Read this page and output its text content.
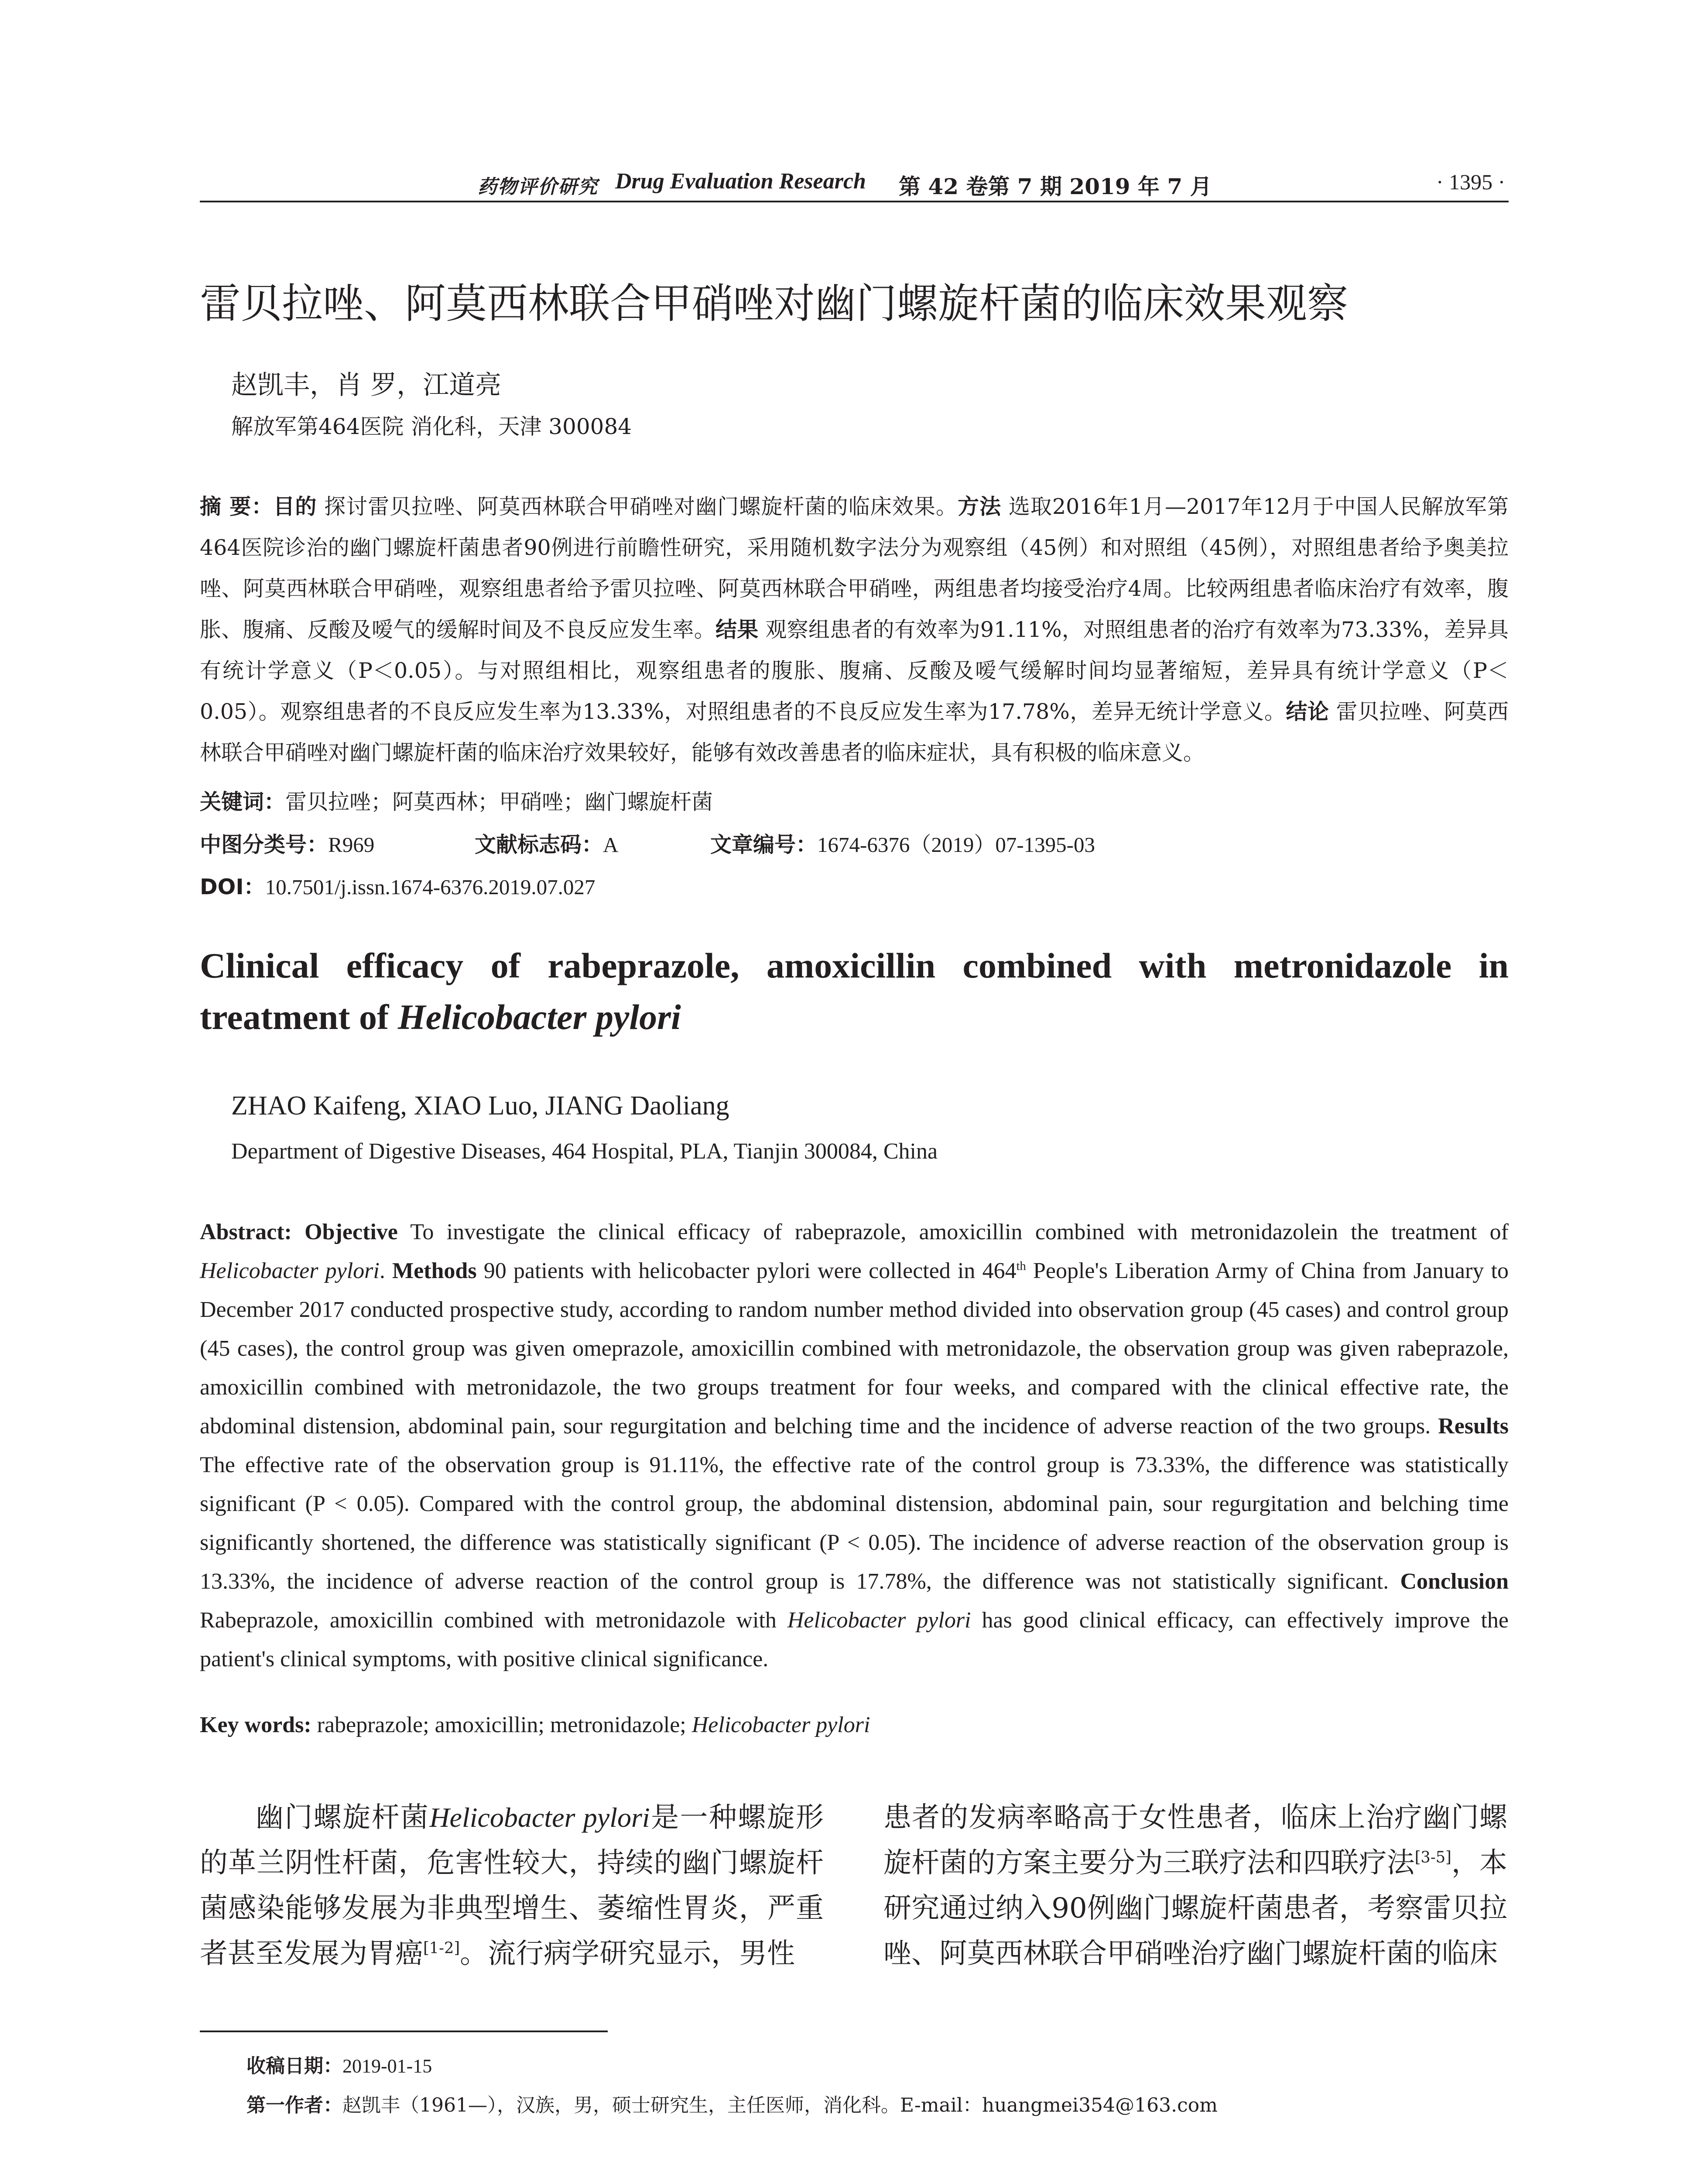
药物评价研究 Drug Evaluation Research 第 42 卷第 7 期 2019 年 7 月	· 1395 ·
雷贝拉唑、阿莫西林联合甲硝唑对幽门螺旋杆菌的临床效果观察
赵凯丰，肖 罗，江道亮
解放军第464医院 消化科，天津 300084
摘 要：目的 探讨雷贝拉唑、阿莫西林联合甲硝唑对幽门螺旋杆菌的临床效果。方法 选取2016年1月—2017年12月于中国人民解放军第464医院诊治的幽门螺旋杆菌患者90例进行前瞻性研究，采用随机数字法分为观察组（45例）和对照组（45例），对照组患者给予奥美拉唑、阿莫西林联合甲硝唑，观察组患者给予雷贝拉唑、阿莫西林联合甲硝唑，两组患者均接受治疗4周。比较两组患者临床治疗有效率，腹胀、腹痛、反酸及嗳气的缓解时间及不良反应发生率。结果 观察组患者的有效率为91.11%，对照组患者的治疗有效率为73.33%，差异具有统计学意义（P＜0.05）。与对照组相比，观察组患者的腹胀、腹痛、反酸及嗳气缓解时间均显著缩短，差异具有统计学意义（P＜0.05）。观察组患者的不良反应发生率为13.33%，对照组患者的不良反应发生率为17.78%，差异无统计学意义。结论 雷贝拉唑、阿莫西林联合甲硝唑对幽门螺旋杆菌的临床治疗效果较好，能够有效改善患者的临床症状，具有积极的临床意义。
关键词：雷贝拉唑；阿莫西林；甲硝唑；幽门螺旋杆菌
中图分类号：R969	文献标志码：A	文章编号：1674-6376（2019）07-1395-03
DOI：10.7501/j.issn.1674-6376.2019.07.027
Clinical efficacy of rabeprazole, amoxicillin combined with metronidazole in treatment of Helicobacter pylori
ZHAO Kaifeng, XIAO Luo, JIANG Daoliang
Department of Digestive Diseases, 464 Hospital, PLA, Tianjin 300084, China
Abstract: Objective To investigate the clinical efficacy of rabeprazole, amoxicillin combined with metronidazolein the treatment of Helicobacter pylori. Methods 90 patients with helicobacter pylori were collected in 464th People's Liberation Army of China from January to December 2017 conducted prospective study, according to random number method divided into observation group (45 cases) and control group (45 cases), the control group was given omeprazole, amoxicillin combined with metronidazole, the observation group was given rabeprazole, amoxicillin combined with metronidazole, the two groups treatment for four weeks, and compared with the clinical effective rate, the abdominal distension, abdominal pain, sour regurgitation and belching time and the incidence of adverse reaction of the two groups. Results The effective rate of the observation group is 91.11%, the effective rate of the control group is 73.33%, the difference was statistically significant (P < 0.05). Compared with the control group, the abdominal distension, abdominal pain, sour regurgitation and belching time significantly shortened, the difference was statistically significant (P < 0.05). The incidence of adverse reaction of the observation group is 13.33%, the incidence of adverse reaction of the control group is 17.78%, the difference was not statistically significant. Conclusion Rabeprazole, amoxicillin combined with metronidazole with Helicobacter pylori has good clinical efficacy, can effectively improve the patient's clinical symptoms, with positive clinical significance.
Key words: rabeprazole; amoxicillin; metronidazole; Helicobacter pylori
幽门螺旋杆菌Helicobacter pylori是一种螺旋形的革兰阴性杆菌，危害性较大，持续的幽门螺旋杆菌感染能够发展为非典型增生、萎缩性胃炎，严重者甚至发展为胃癌[1-2]。流行病学研究显示，男性
患者的发病率略高于女性患者，临床上治疗幽门螺旋杆菌的方案主要分为三联疗法和四联疗法[3-5]，本研究通过纳入90例幽门螺旋杆菌患者，考察雷贝拉唑、阿莫西林联合甲硝唑治疗幽门螺旋杆菌的临床
收稿日期：2019-01-15
第一作者：赵凯丰（1961—），汉族，男，硕士研究生，主任医师，消化科。E-mail：huangmei354@163.com
